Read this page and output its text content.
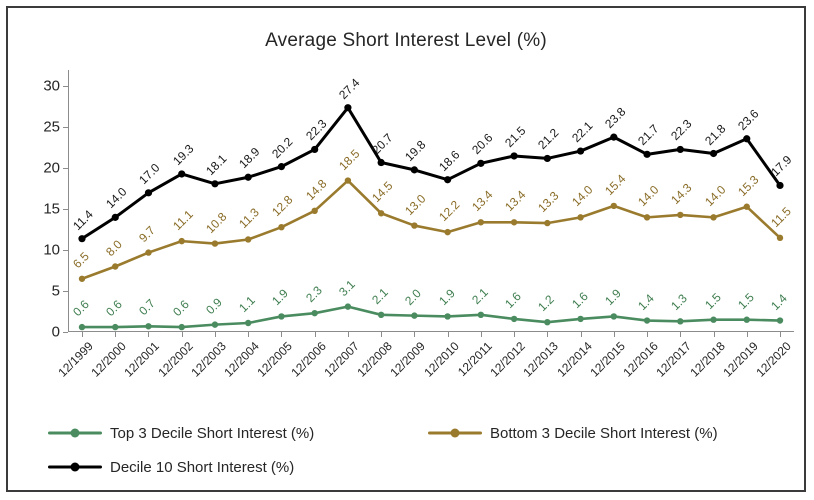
Average Short Interest Level (%)
0
5
10
15
20
25
30
12/1999
12/2000
12/2001
12/2002
12/2003
12/2004
12/2005
12/2006
12/2007
12/2008
12/2009
12/2010
12/2011
12/2012
12/2013
12/2014
12/2015
12/2016
12/2017
12/2018
12/2019
12/2020
0.6 0.6 0.7 0.6 0.9 1.1 1.9 2.3 3.1 2.1 2.0 1.9 2.1 1.6 1.2 1.6 1.9 1.4 1.3 1.5 1.5 1.4
6.5
8.0
9.7
11.1 10.8 11.3 12.8
14.8
18.5
14.5 13.0 12.2 13.4 13.4 13.3 14.0 15.4 14.0 14.3 14.0 15.3
11.5
11.4
14.0
17.0
19.3 18.1 18.9 20.2
22.3
27.4
20.7 19.8 18.6
20.6 21.5 21.2 22.1
23.8
21.7 22.3 21.8
23.6
17.9
Top 3 Decile Short Interest (%)	Bottom 3 Decile Short Interest (%)
Decile 10 Short Interest (%)
